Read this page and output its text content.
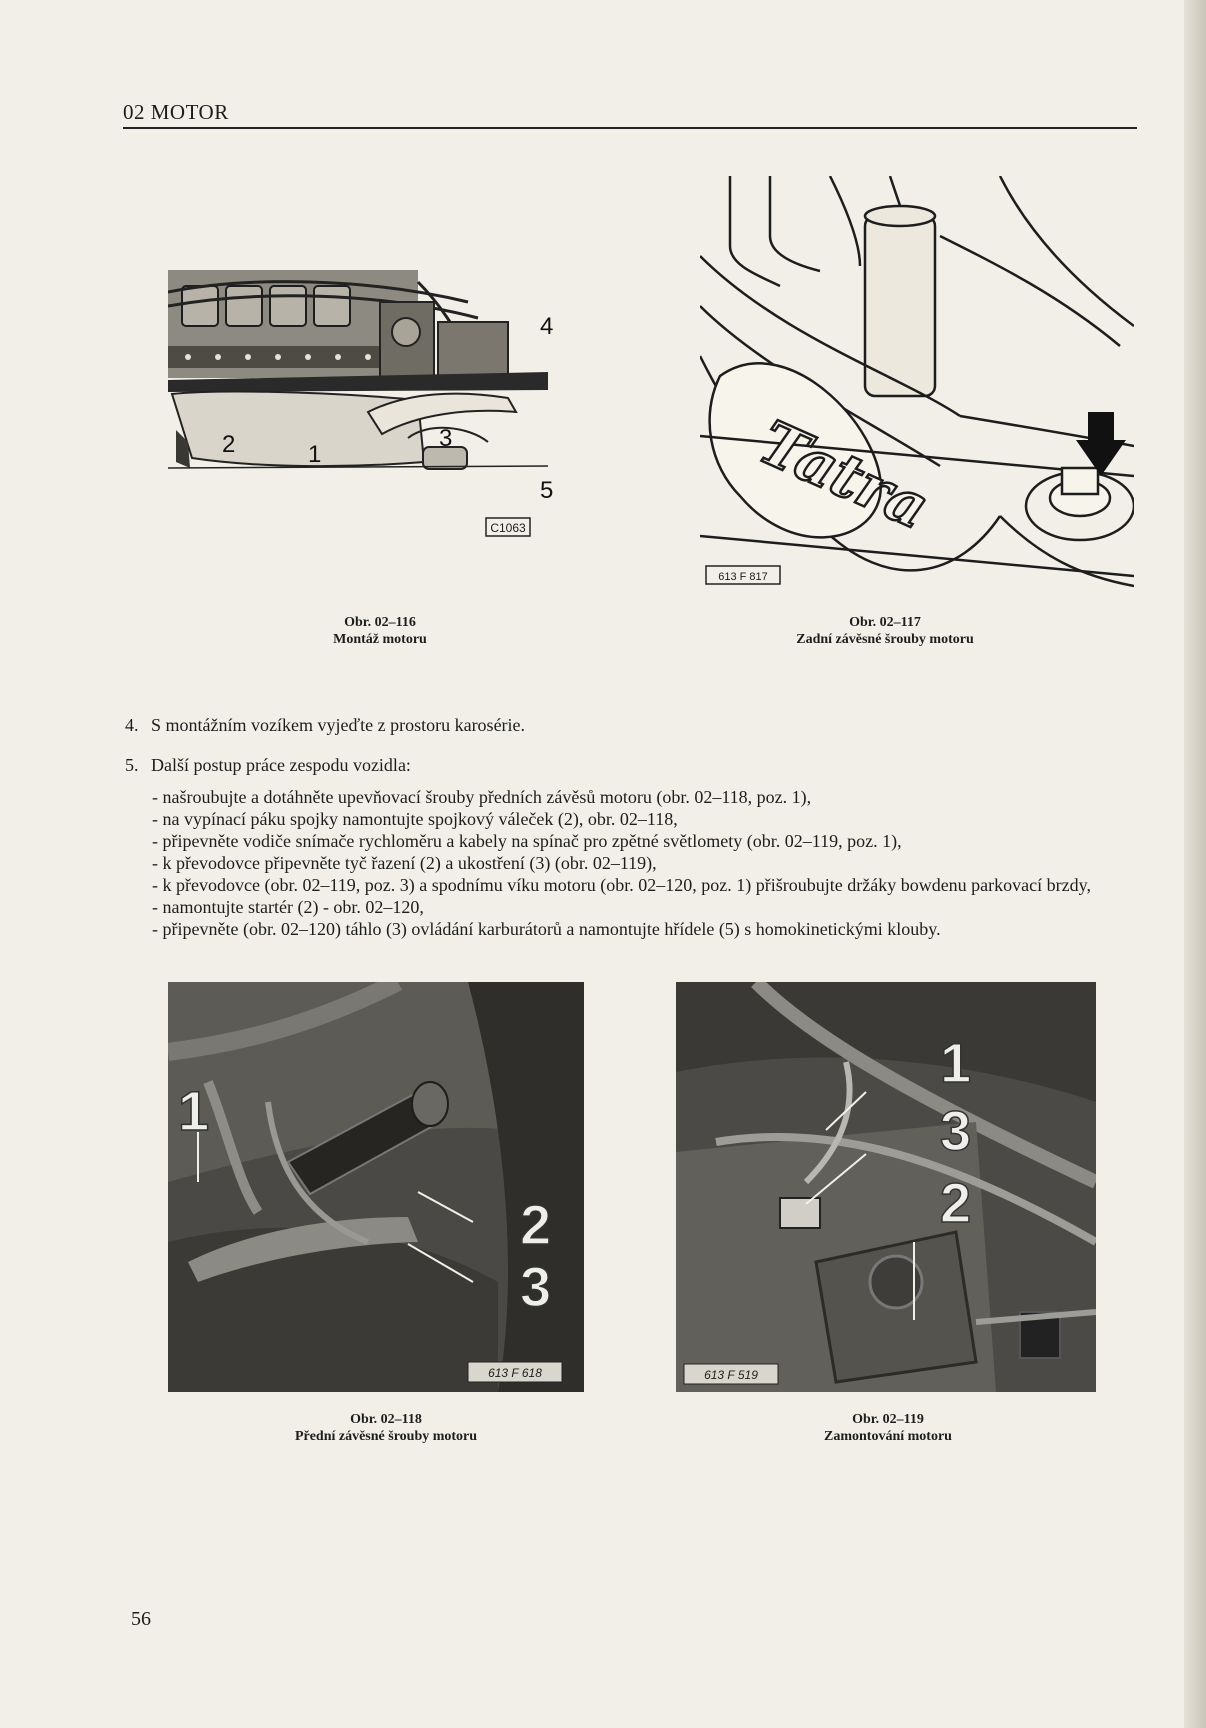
02 MOTOR
C1063
1
2	3
4
5
Obr. 02–116
Montáž motoru
Tatra
613 F 817
Obr. 02–117
Zadní závěsné šrouby motoru
4. S montážním vozíkem vyjeďte z prostoru karosérie.
5. Další postup práce zespodu vozidla:
- našroubujte a dotáhněte upevňovací šrouby předních závěsů motoru (obr. 02–118, poz. 1),
- na vypínací páku spojky namontujte spojkový váleček (2), obr. 02–118,
- připevněte vodiče snímače rychloměru a kabely na spínač pro zpětné světlomety (obr. 02–119, poz. 1),
- k převodovce připevněte tyč řazení (2) a ukostření (3) (obr. 02–119),
- k převodovce (obr. 02–119, poz. 3) a spodnímu víku motoru (obr. 02–120, poz. 1) přišroubujte držáky bowdenu parkovací brzdy,
- namontujte startér (2) - obr. 02–120,
- připevněte (obr. 02–120) táhlo (3) ovládání karburátorů a namontujte hřídele (5) s homokinetickými klouby.
1
2
3
613 F 618
Obr. 02–118
Přední závěsné šrouby motoru
1
3
2
613 F 519
Obr. 02–119
Zamontování motoru
56
